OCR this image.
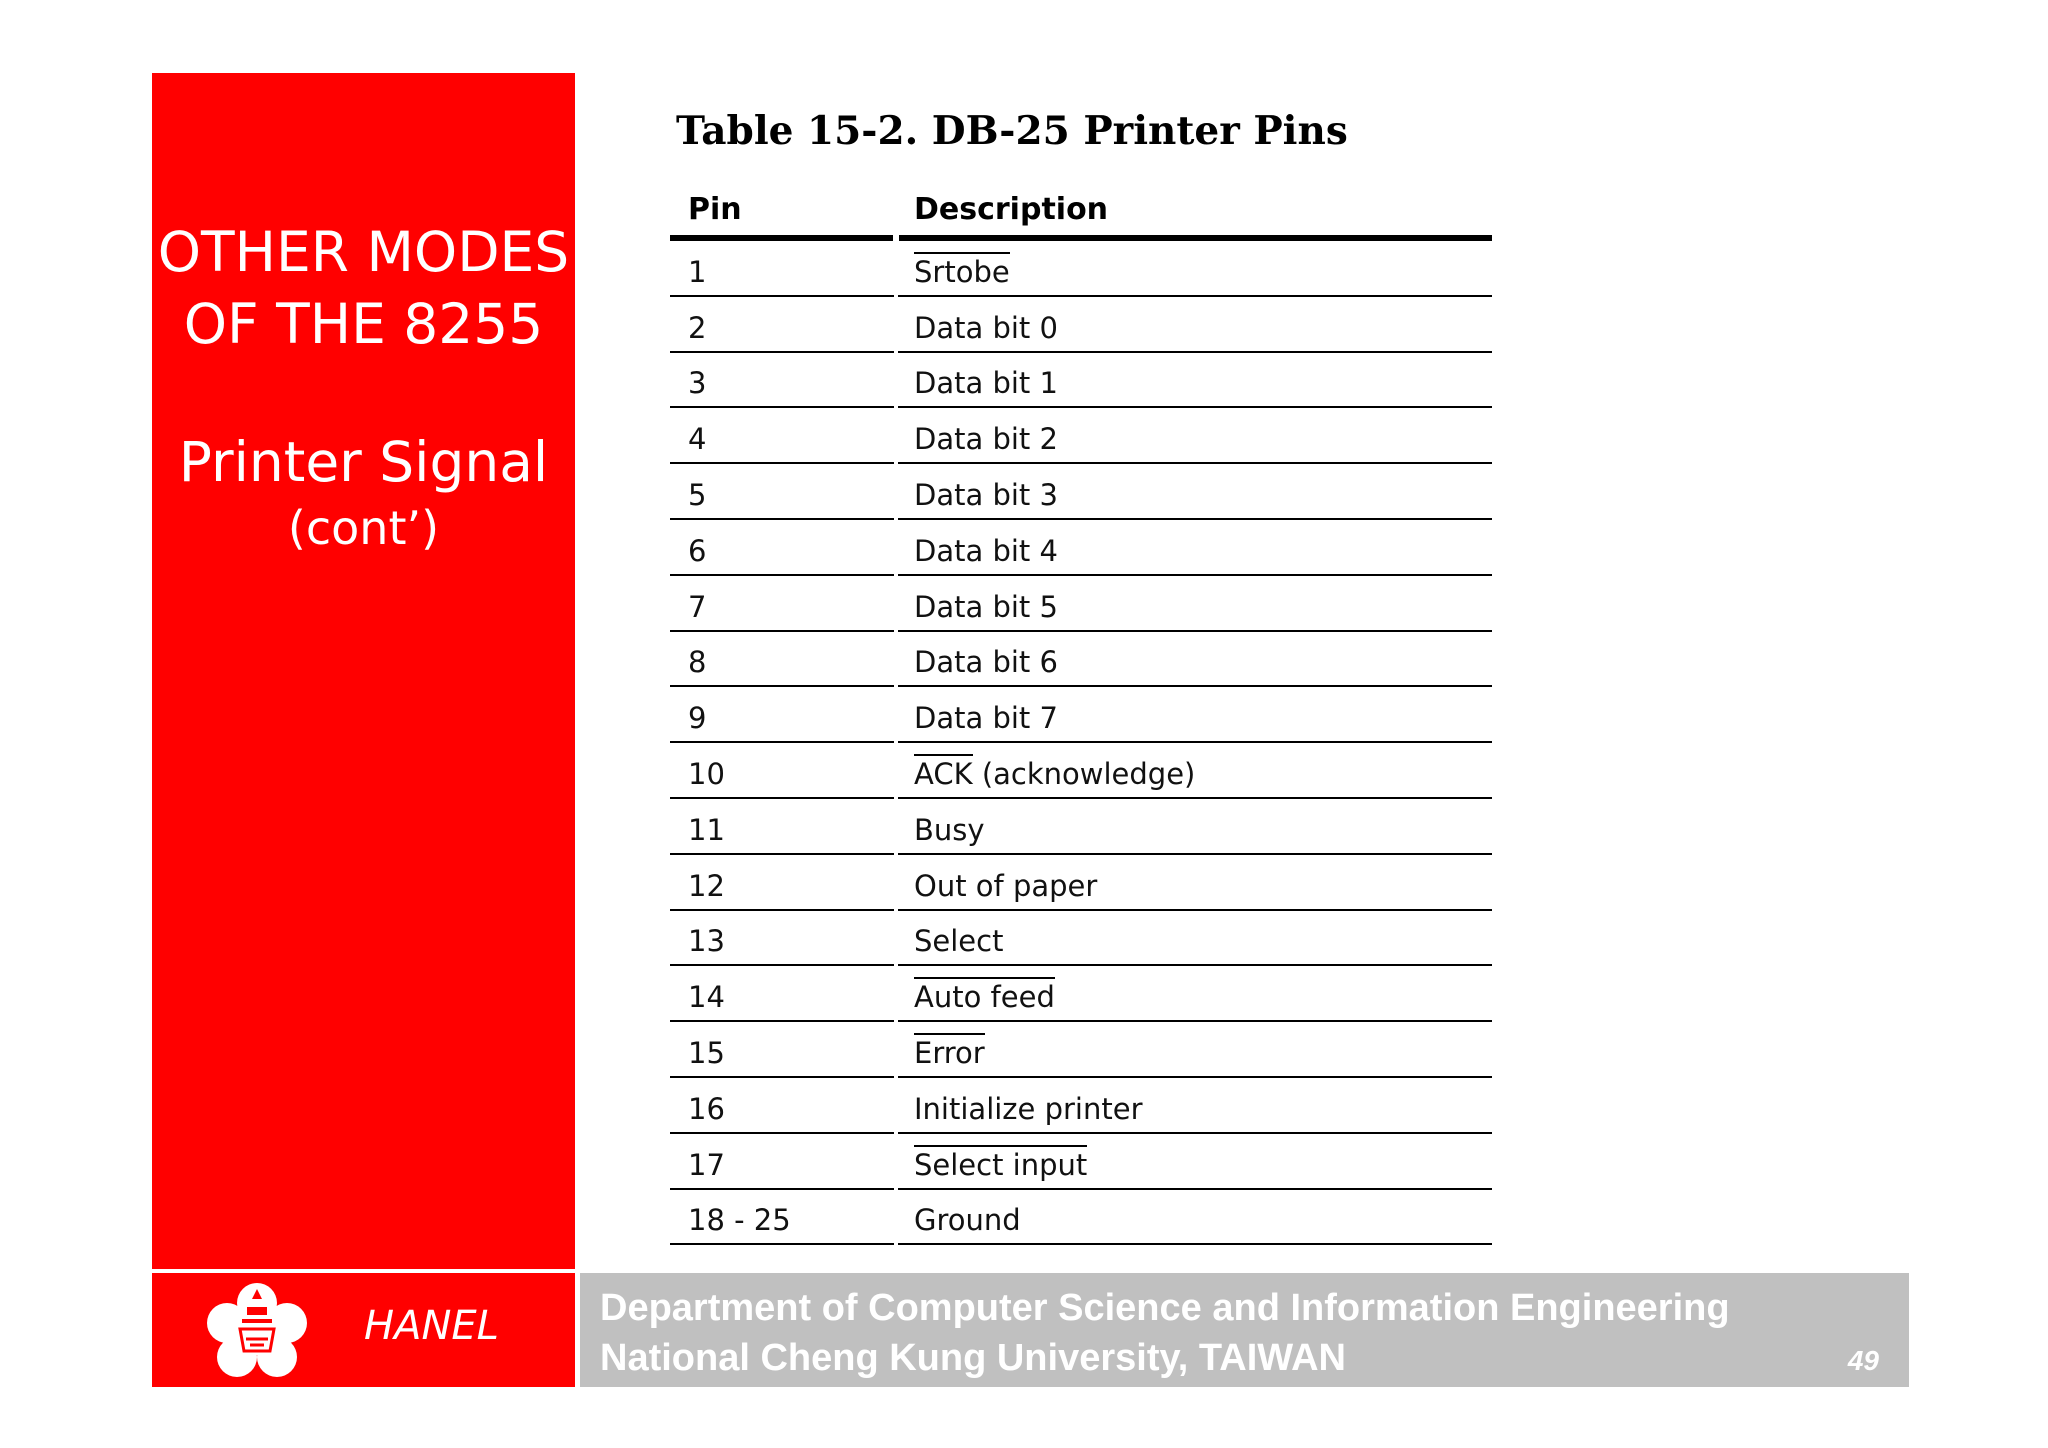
OTHER MODES
OF THE 8255
Printer Signal
(cont’)
Table 15-2. DB-25 Printer Pins
Pin	Description
1	Srtobe
2	Data bit 0
3	Data bit 1
4	Data bit 2
5	Data bit 3
6	Data bit 4
7	Data bit 5
8	Data bit 6
9	Data bit 7
10	ACK (acknowledge)
11	Busy
12	Out of paper
13	Select
14	Auto feed
15	Error
16	Initialize printer
17	Select input
18 - 25	Ground
HANEL	Department of Computer Science and Information Engineering
National Cheng Kung University, TAIWAN	49
